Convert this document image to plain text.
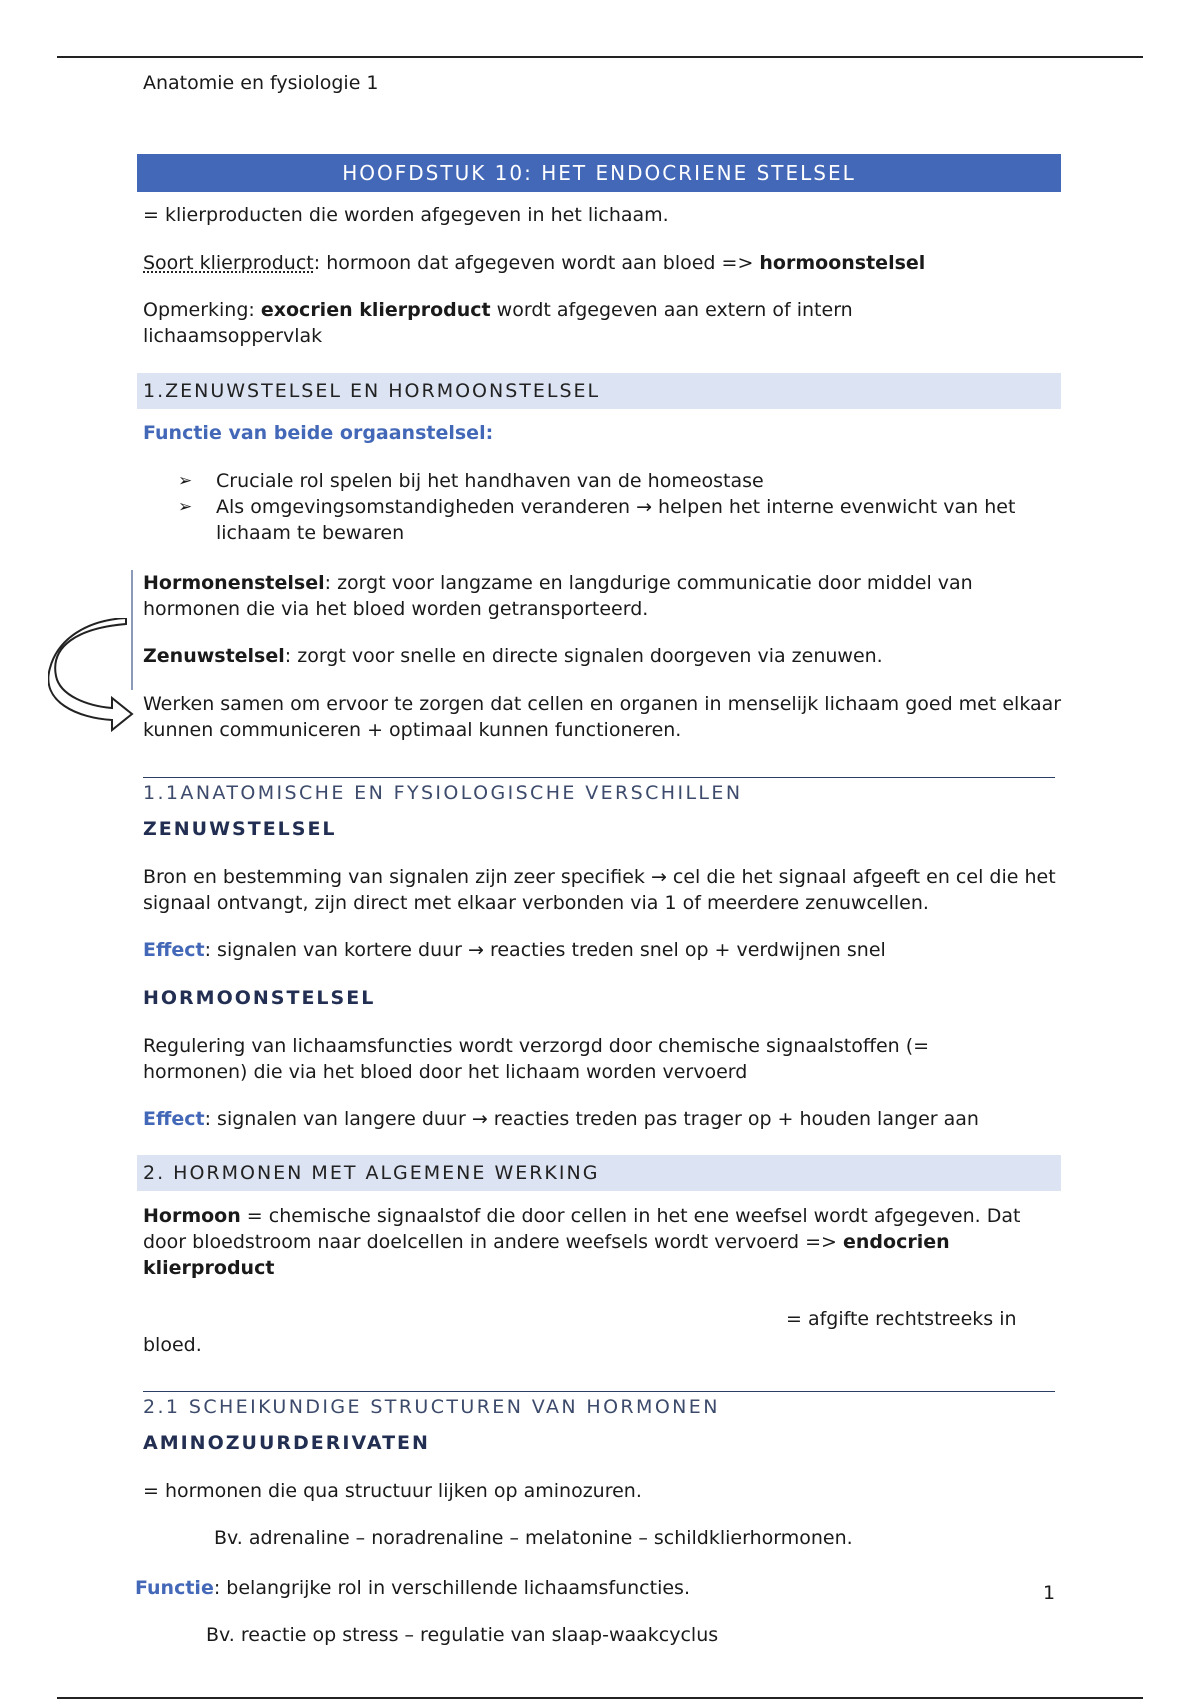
Anatomie en fysiologie 1
HOOFDSTUK 10: HET ENDOCRIENE STELSEL
= klierproducten die worden afgegeven in het lichaam.
Soort klierproduct: hormoon dat afgegeven wordt aan bloed => hormoonstelsel
Opmerking: exocrien klierproduct wordt afgegeven aan extern of intern lichaamsoppervlak
1.ZENUWSTELSEL EN HORMOONSTELSEL
Functie van beide orgaanstelsel:
➢ Cruciale rol spelen bij het handhaven van de homeostase
➢ Als omgevingsomstandigheden veranderen → helpen het interne evenwicht van het lichaam te bewaren
Hormonenstelsel: zorgt voor langzame en langdurige communicatie door middel van hormonen die via het bloed worden getransporteerd.
Zenuwstelsel: zorgt voor snelle en directe signalen doorgeven via zenuwen.
Werken samen om ervoor te zorgen dat cellen en organen in menselijk lichaam goed met elkaar kunnen communiceren + optimaal kunnen functioneren.
1.1ANATOMISCHE EN FYSIOLOGISCHE VERSCHILLEN
ZENUWSTELSEL
Bron en bestemming van signalen zijn zeer specifiek → cel die het signaal afgeeft en cel die het signaal ontvangt, zijn direct met elkaar verbonden via 1 of meerdere zenuwcellen.
Effect: signalen van kortere duur → reacties treden snel op + verdwijnen snel
HORMOONSTELSEL
Regulering van lichaamsfuncties wordt verzorgd door chemische signaalstoffen (= hormonen) die via het bloed door het lichaam worden vervoerd
Effect: signalen van langere duur → reacties treden pas trager op + houden langer aan
2. HORMONEN MET ALGEMENE WERKING
Hormoon = chemische signaalstof die door cellen in het ene weefsel wordt afgegeven. Dat door bloedstroom naar doelcellen in andere weefsels wordt vervoerd => endocrien klierproduct
= afgifte rechtstreeks in
bloed.
2.1 SCHEIKUNDIGE STRUCTUREN VAN HORMONEN
AMINOZUURDERIVATEN
= hormonen die qua structuur lijken op aminozuren.
Bv. adrenaline – noradrenaline – melatonine – schildklierhormonen.
Functie: belangrijke rol in verschillende lichaamsfuncties.	1
Bv. reactie op stress – regulatie van slaap-waakcyclus
